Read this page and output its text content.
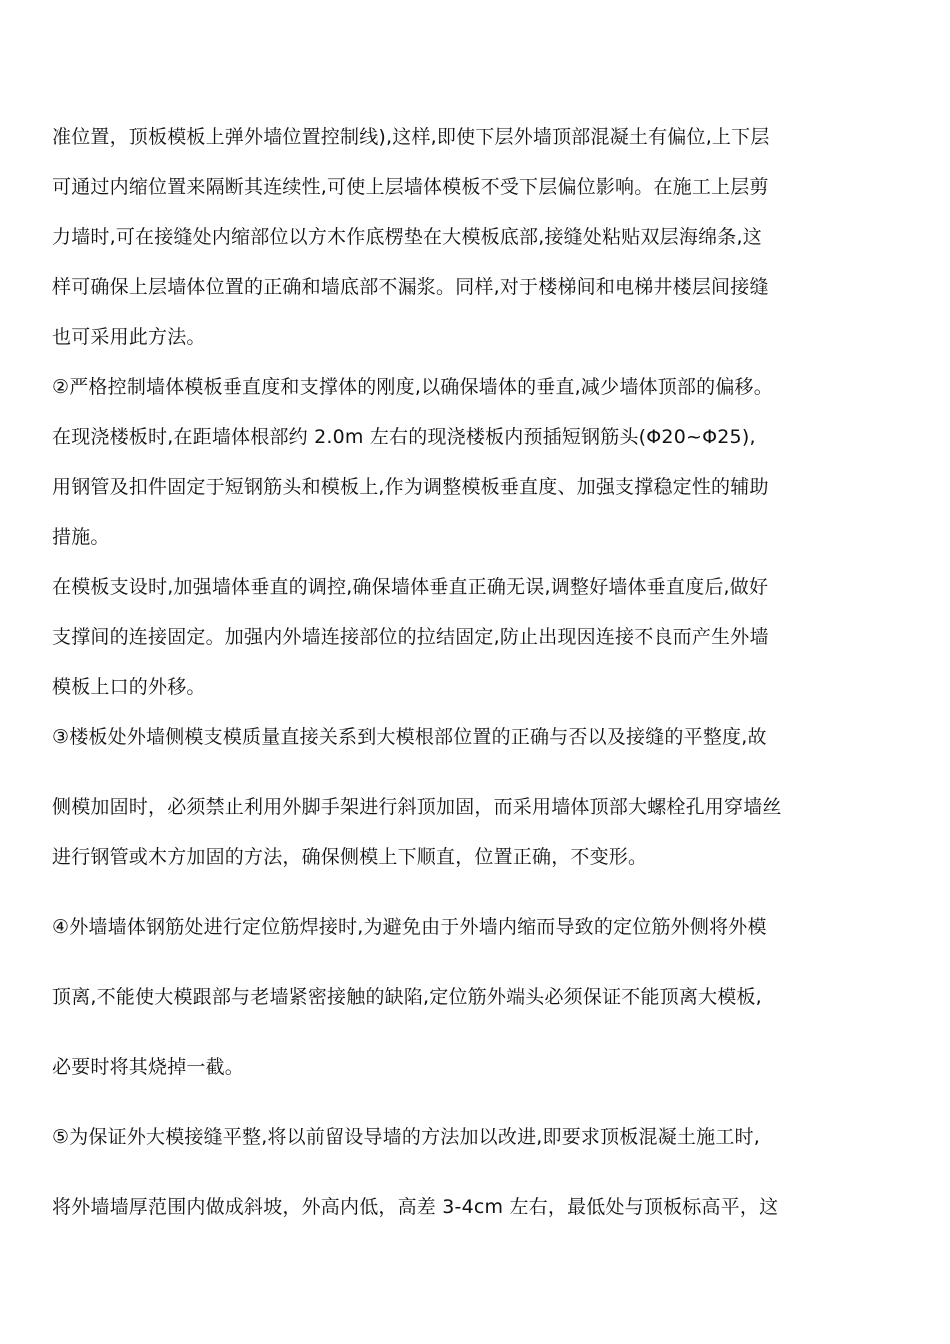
准位置，顶板模板上弹外墙位置控制线),这样,即使下层外墙顶部混凝土有偏位,上下层
可通过内缩位置来隔断其连续性,可使上层墙体模板不受下层偏位影响。在施工上层剪
力墙时,可在接缝处内缩部位以方木作底楞垫在大模板底部,接缝处粘贴双层海绵条,这
样可确保上层墙体位置的正确和墙底部不漏浆。同样,对于楼梯间和电梯井楼层间接缝
也可采用此方法。
②严格控制墙体模板垂直度和支撑体的刚度,以确保墙体的垂直,减少墙体顶部的偏移。
在现浇楼板时,在距墙体根部约 2.0m 左右的现浇楼板内预插短钢筋头(Φ20~Φ25),
用钢管及扣件固定于短钢筋头和模板上,作为调整模板垂直度、加强支撑稳定性的辅助
措施。
在模板支设时,加强墙体垂直的调控,确保墙体垂直正确无误,调整好墙体垂直度后,做好
支撑间的连接固定。加强内外墙连接部位的拉结固定,防止出现因连接不良而产生外墙
模板上口的外移。
③楼板处外墙侧模支模质量直接关系到大模根部位置的正确与否以及接缝的平整度,故
侧模加固时，必须禁止利用外脚手架进行斜顶加固，而采用墙体顶部大螺栓孔用穿墙丝
进行钢管或木方加固的方法，确保侧模上下顺直，位置正确，不变形。
④外墙墙体钢筋处进行定位筋焊接时,为避免由于外墙内缩而导致的定位筋外侧将外模
顶离,不能使大模跟部与老墙紧密接触的缺陷,定位筋外端头必须保证不能顶离大模板,
必要时将其烧掉一截。
⑤为保证外大模接缝平整,将以前留设导墙的方法加以改进,即要求顶板混凝土施工时,
将外墙墙厚范围内做成斜坡，外高内低，高差 3-4cm 左右，最低处与顶板标高平，这
